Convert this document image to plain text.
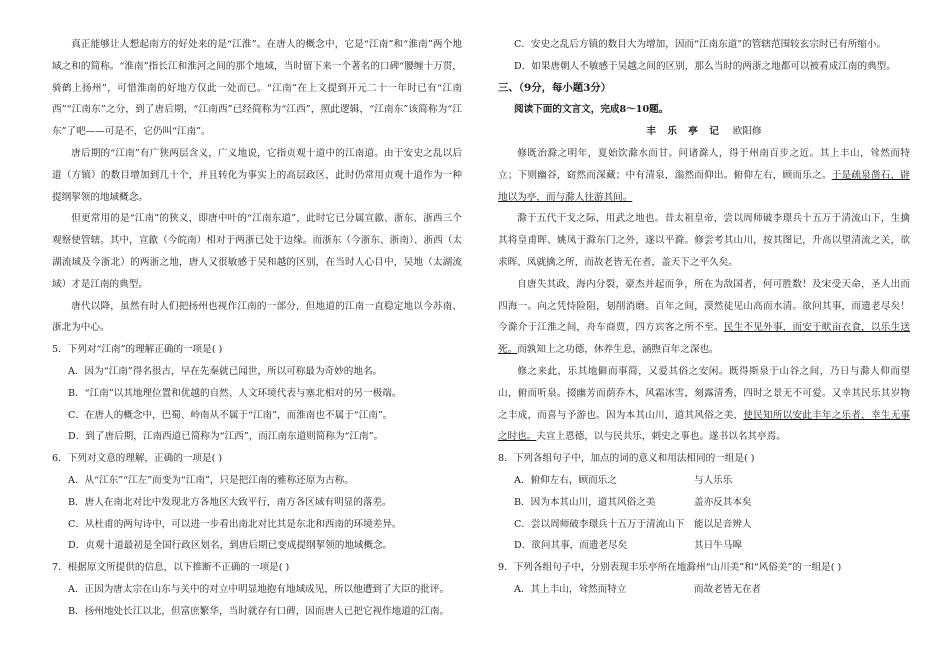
真正能够让人想起南方的好处来的是“江淮”。在唐人的概念中，它是“江南”和“淮南”两个地域之和的简称。“淮南”指长江和淮河之间的那个地域，当时留下来一个著名的口碑“腰缠十万贯，骑鹤上扬州”，可惜淮南的好地方仅此一处而已。“江南”在上文提到开元二十一年时已有“江南西”“江南东”之分，到了唐后期，“江南西”已经简称为“江西”，照此逻辑，“江南东”该简称为“江东”了吧——可是不，它仍叫“江南”。

唐后期的“江南”有广狭两层含义，广义地说，它指贞观十道中的江南道。由于安史之乱以后道（方镇）的数目增加到几十个，并且转化为事实上的高层政区，此时仍常用贞观十道作为一种提纲挈领的地域概念。

但更常用的是“江南”的狭义，即唐中叶的“江南东道”，此时它已分属宣歙、浙东、浙西三个观察使管辖。其中，宣歙（今皖南）相对于两浙已处于边缘。而浙东（今浙东、浙南）、浙西（太湖流域及今浙北）的两浙之地，唐人又很敏感于吴和越的区别，在当时人心目中，吴地（太湖流域）才是江南的典型。

唐代以降，虽然有时人们把扬州也视作江南的一部分，但地道的江南一直稳定地以今苏南、浙北为中心。

5．下列对“江南”的理解正确的一项是( )

A．因为“江南”得名很古，早在先秦就已闻世，所以可称最为奇妙的地名。

B．“江南”以其地理位置和优越的自然、人文环境代表与塞北相对的另一极端。

C．在唐人的概念中，巴蜀、岭南从不属于“江南”，而淮南也不属于“江南”。

D．到了唐后期，江南西道已简称为“江西”，而江南东道则简称为“江南”。

6．下列对文意的理解，正确的一项是( )

A．从“江东”“江左”而变为“江南”，只是把江南的雅称还原为古称。

B．唐人在南北对比中发现北方各地区大致平行，南方各区域有明显的落差。

C．从杜甫的两句诗中，可以进一步看出南北对比其是东北和西南的环境差异。

D．贞观十道最初是全国行政区划名，到唐后期已变成提纲挈领的地域概念。

7．根据原文所提供的信息，以下推断不正确的一项是( )

A．正因为唐太宗在山东与关中的对立中明显地抱有地域成见，所以他遭到了大臣的批评。

B．扬州地处长江以北，但富庶繁华，当时就存有口碑，因而唐人已把它视作地道的江南。

C．安史之乱后方镇的数目大为增加，因而“江南东道”的管辖范围较玄宗时已有所缩小。

D．如果唐朝人不敏感于吴越之间的区别，那么当时的两浙之地都可以被看成江南的典型。

三、（9分，每小题3分）

阅读下面的文言文，完成8～10题。

丰 乐 亭 记 欧阳修

修既治滁之明年，夏始饮滁水而甘。问诸滁人，得于州南百步之近。其上丰山，耸然而特立；下则幽谷，窈然而深藏；中有清泉，滃然而仰出。俯仰左右，顾而乐之。于是疏泉凿石，辟地以为亭，而与滁人往游其间。

滁于五代干戈之际，用武之地也。昔太祖皇帝，尝以周师破李璟兵十五万于清流山下，生擒其将皇甫晖、姚凤于滁东门之外，遂以平滁。修尝考其山川，按其图记，升高以望清流之关，欲求晖、凤就擒之所，而故老皆无在者，盖天下之平久矣。

自唐失其政，海内分裂，豪杰并起而争，所在为敌国者，何可胜数！及宋受天命，圣人出而四海一。向之凭恃险阻，刬削消磨。百年之间，漠然徒见山高而水清。欲问其事，而遗老尽矣！今滁介于江淮之间，舟车商贾，四方宾客之所不至。民生不见外事，而安于畎亩衣食，以乐生送死。而孰知上之功德，休养生息，涵煦百年之深也。

修之来此，乐其地僻而事简，又爱其俗之安闲。既得斯泉于山谷之间，乃日与滁人仰而望山，俯而听泉。掇幽芳而荫乔木，风霜冰雪，刻露清秀，四时之景无不可爱。又幸其民乐其岁物之丰成，而喜与予游也。因为本其山川，道其风俗之美，使民知所以安此丰年之乐者，幸生无事之时也。夫宣上恩德，以与民共乐，刺史之事也。遂书以名其亭焉。

8．下列各组句子中，加点的词的意义和用法相同的一组是( )

A．俯仰左右，顾而乐之	与人乐乐

B．因为本其山川，道其风俗之美	盖亦反其本矣

C．尝以周师破李璟兵十五万于清流山下 能以足音辨人

D．欲问其事，而遗老尽矣	其日牛马嗥

9．下列各组句子中，分别表现丰乐亭所在地滁州“山川美”和“风俗美”的一组是( )

A．其上丰山，耸然而特立	而故老皆无在者
